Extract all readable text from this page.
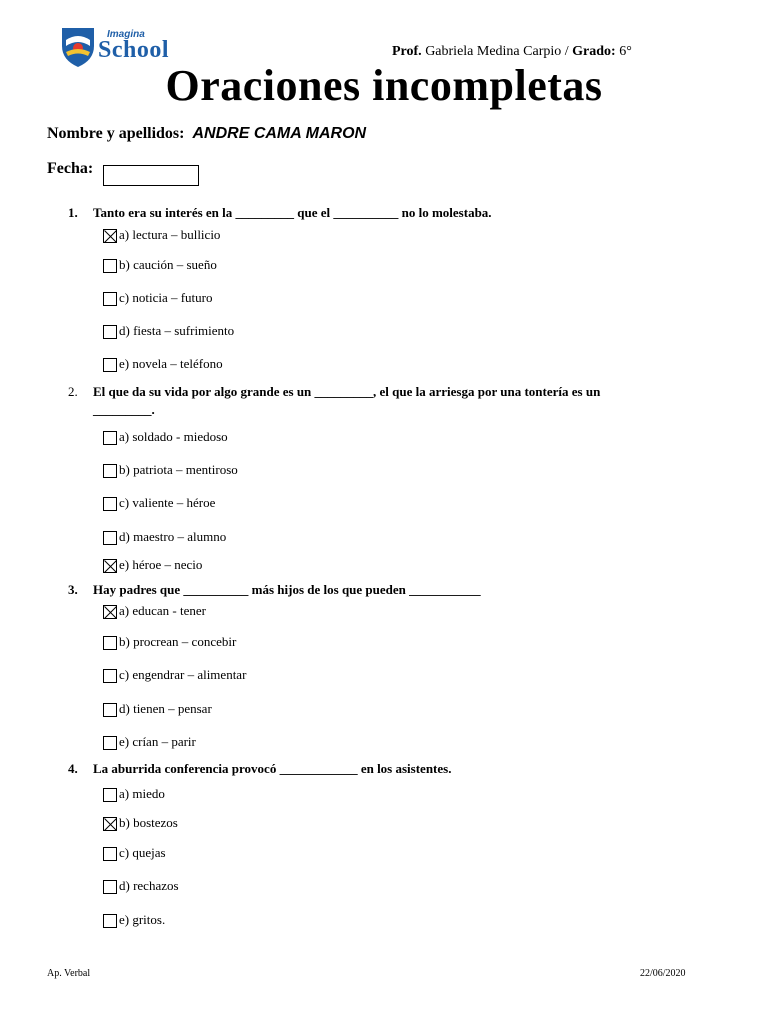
Imagina
School
COLEGIO
Prof. Gabriela Medina Carpio / Grado: 6°
Oraciones incompletas
Nombre y apellidos: ANDRE CAMA MARON
Fecha:
1. Tanto era su interés en la _________ que el __________ no lo molestaba.
a) lectura – bullicio
b) caución – sueño
c) noticia – futuro
d) fiesta – sufrimiento
e) novela – teléfono
2. El que da su vida por algo grande es un _________, el que la arriesga por una tontería es un
_________.
a) soldado - miedoso
b) patriota – mentiroso
c) valiente – héroe
d) maestro – alumno
e) héroe – necio
3. Hay padres que __________ más hijos de los que pueden ___________
a) educan - tener
b) procrean – concebir
c) engendrar – alimentar
d) tienen – pensar
e) crían – parir
4. La aburrida conferencia provocó ____________ en los asistentes.
a) miedo
b) bostezos
c) quejas
d) rechazos
e) gritos.
Ap. Verbal	22/06/2020
